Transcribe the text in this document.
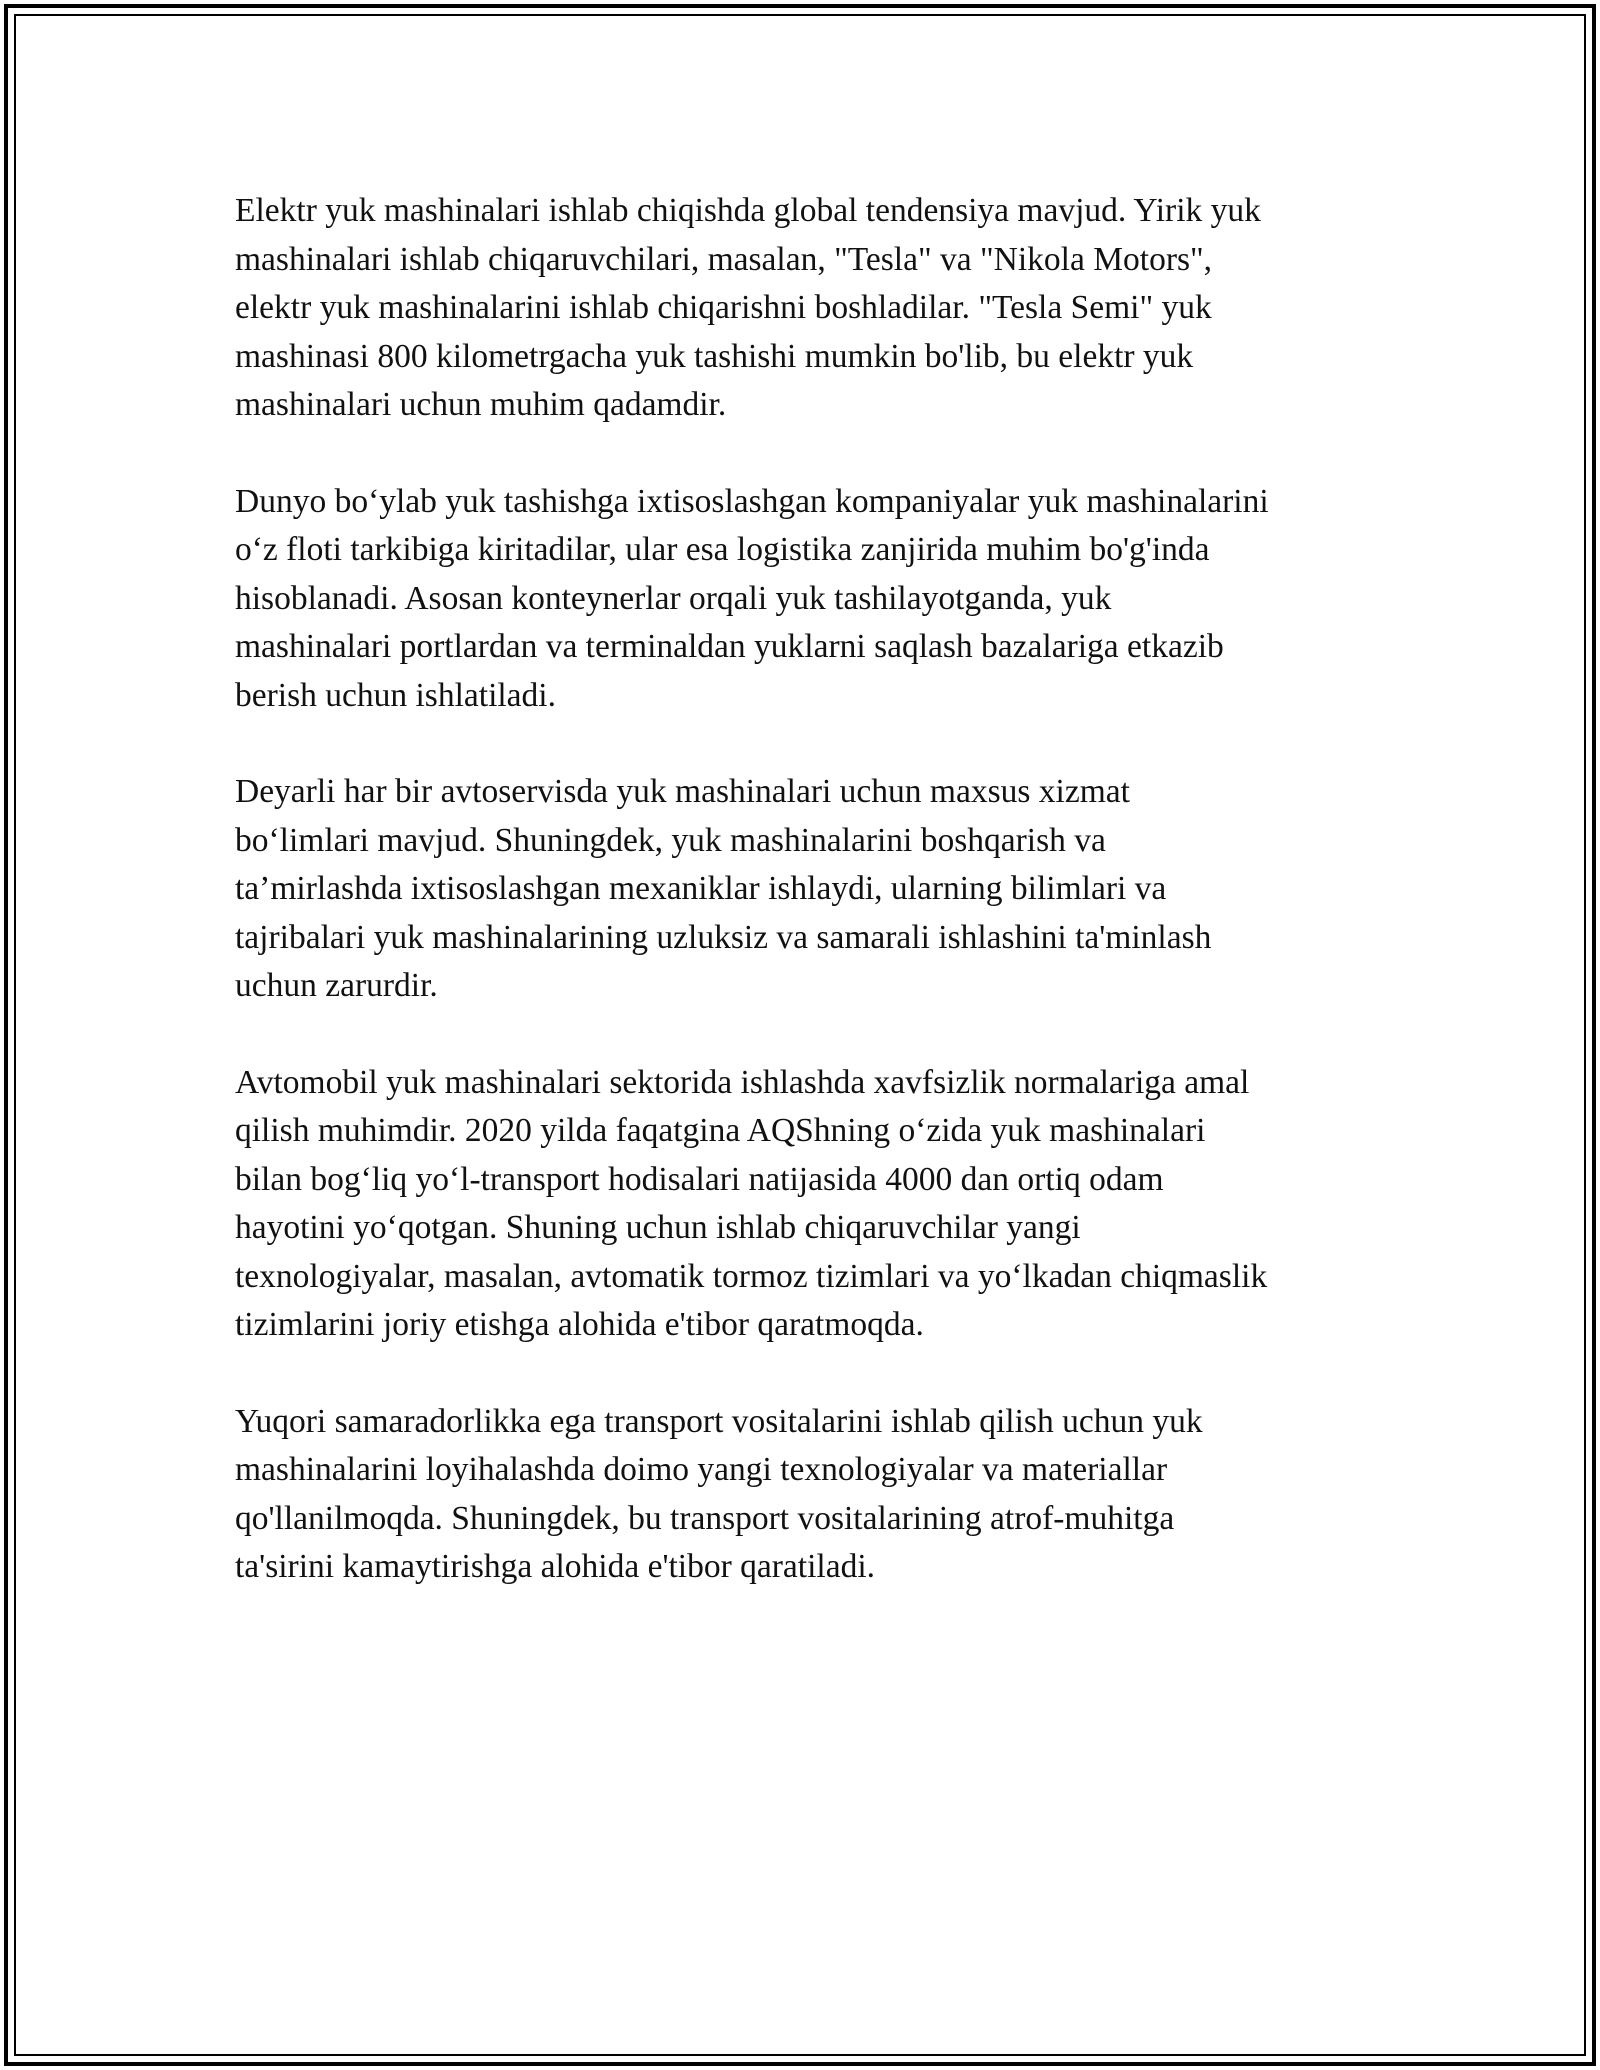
Elektr yuk mashinalari ishlab chiqishda global tendensiya mavjud. Yirik yuk
mashinalari ishlab chiqaruvchilari, masalan, "Tesla" va "Nikola Motors",
elektr yuk mashinalarini ishlab chiqarishni boshladilar. "Tesla Semi" yuk
mashinasi 800 kilometrgacha yuk tashishi mumkin bo'lib, bu elektr yuk
mashinalari uchun muhim qadamdir.

Dunyo bo‘ylab yuk tashishga ixtisoslashgan kompaniyalar yuk mashinalarini
o‘z floti tarkibiga kiritadilar, ular esa logistika zanjirida muhim bo'g'inda
hisoblanadi. Asosan konteynerlar orqali yuk tashilayotganda, yuk
mashinalari portlardan va terminaldan yuklarni saqlash bazalariga etkazib
berish uchun ishlatiladi.

Deyarli har bir avtoservisda yuk mashinalari uchun maxsus xizmat
bo‘limlari mavjud. Shuningdek, yuk mashinalarini boshqarish va
ta’mirlashda ixtisoslashgan mexaniklar ishlaydi, ularning bilimlari va
tajribalari yuk mashinalarining uzluksiz va samarali ishlashini ta'minlash
uchun zarurdir.

Avtomobil yuk mashinalari sektorida ishlashda xavfsizlik normalariga amal
qilish muhimdir. 2020 yilda faqatgina AQShning o‘zida yuk mashinalari
bilan bog‘liq yo‘l-transport hodisalari natijasida 4000 dan ortiq odam
hayotini yo‘qotgan. Shuning uchun ishlab chiqaruvchilar yangi
texnologiyalar, masalan, avtomatik tormoz tizimlari va yo‘lkadan chiqmaslik
tizimlarini joriy etishga alohida e'tibor qaratmoqda.

Yuqori samaradorlikka ega transport vositalarini ishlab qilish uchun yuk
mashinalarini loyihalashda doimo yangi texnologiyalar va materiallar
qo'llanilmoqda. Shuningdek, bu transport vositalarining atrof-muhitga
ta'sirini kamaytirishga alohida e'tibor qaratiladi.
